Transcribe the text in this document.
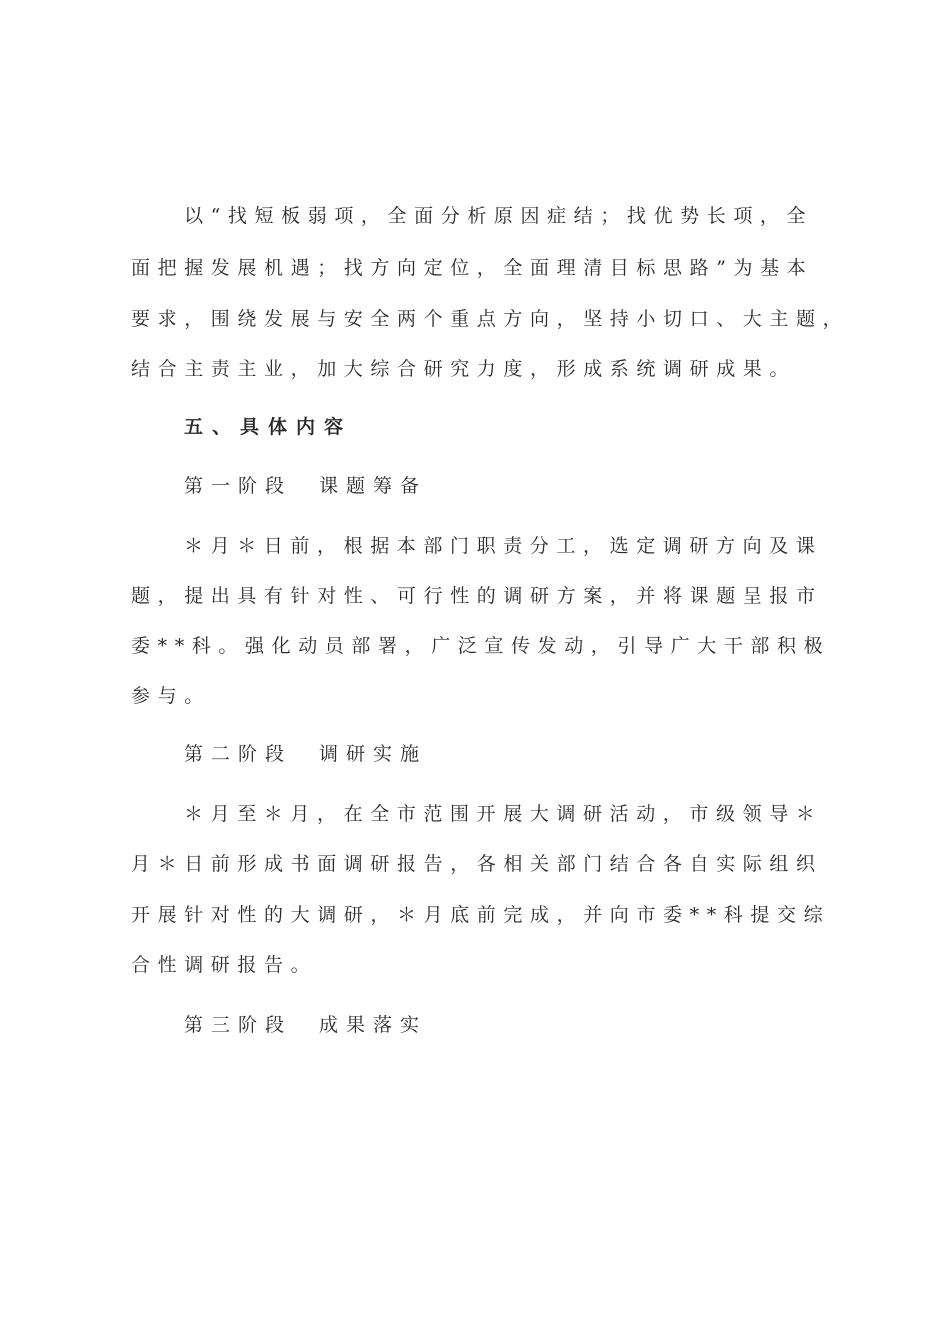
以“找短板弱项，全面分析原因症结；找优势长项，全
面把握发展机遇；找方向定位，全面理清目标思路”为基本
要求，围绕发展与安全两个重点方向，坚持小切口、大主题，
结合主责主业，加大综合研究力度，形成系统调研成果。
五、具体内容
第一阶段　课题筹备
＊月＊日前，根据本部门职责分工，选定调研方向及课
题，提出具有针对性、可行性的调研方案，并将课题呈报市
委**科。强化动员部署，广泛宣传发动，引导广大干部积极
参与。
第二阶段　调研实施
＊月至＊月，在全市范围开展大调研活动，市级领导＊
月＊日前形成书面调研报告，各相关部门结合各自实际组织
开展针对性的大调研，＊月底前完成，并向市委**科提交综
合性调研报告。
第三阶段　成果落实
